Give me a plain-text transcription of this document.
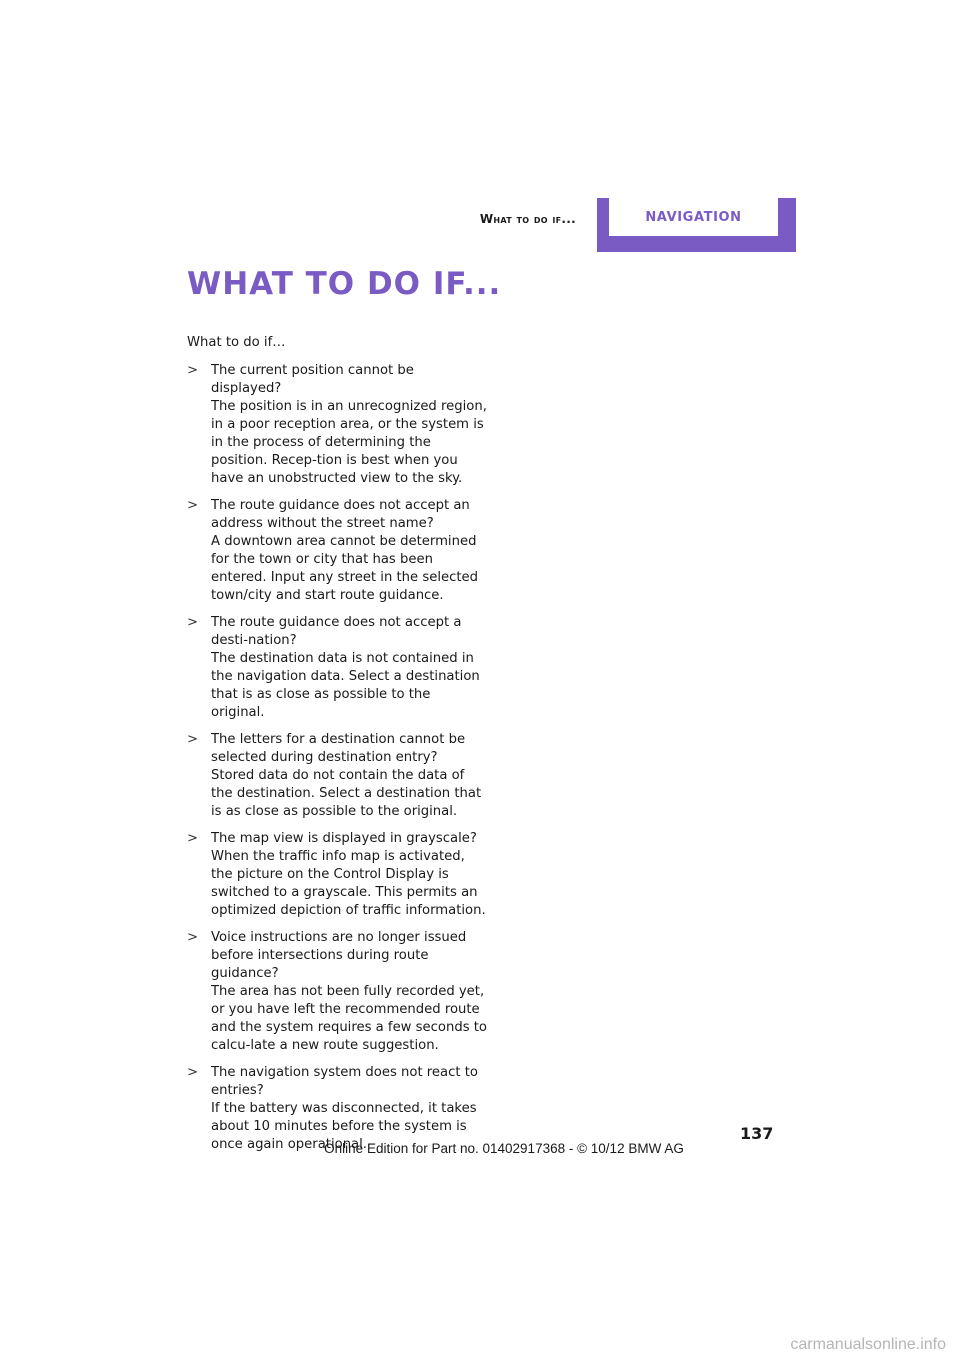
What to do if...	NAVIGATION
WHAT TO DO IF...

What to do if…

> The current position cannot be displayed?
The position is in an unrecognized region, in a poor reception area, or the system is in the process of determining the position. Recep-tion is best when you have an unobstructed view to the sky.
> The route guidance does not accept an address without the street name?
A downtown area cannot be determined for the town or city that has been entered. Input any street in the selected town/city and start route guidance.
> The route guidance does not accept a desti-nation?
The destination data is not contained in the navigation data. Select a destination that is as close as possible to the original.
> The letters for a destination cannot be selected during destination entry?
Stored data do not contain the data of the destination. Select a destination that is as close as possible to the original.
> The map view is displayed in grayscale?
When the traffic info map is activated, the picture on the Control Display is switched to a grayscale. This permits an optimized depiction of traffic information.
> Voice instructions are no longer issued before intersections during route guidance?
The area has not been fully recorded yet, or you have left the recommended route and the system requires a few seconds to calcu-late a new route suggestion.
> The navigation system does not react to entries?
If the battery was disconnected, it takes about 10 minutes before the system is once again operational.
137
Online Edition for Part no. 01402917368 - © 10/12 BMW AG
carmanualsonline.info
